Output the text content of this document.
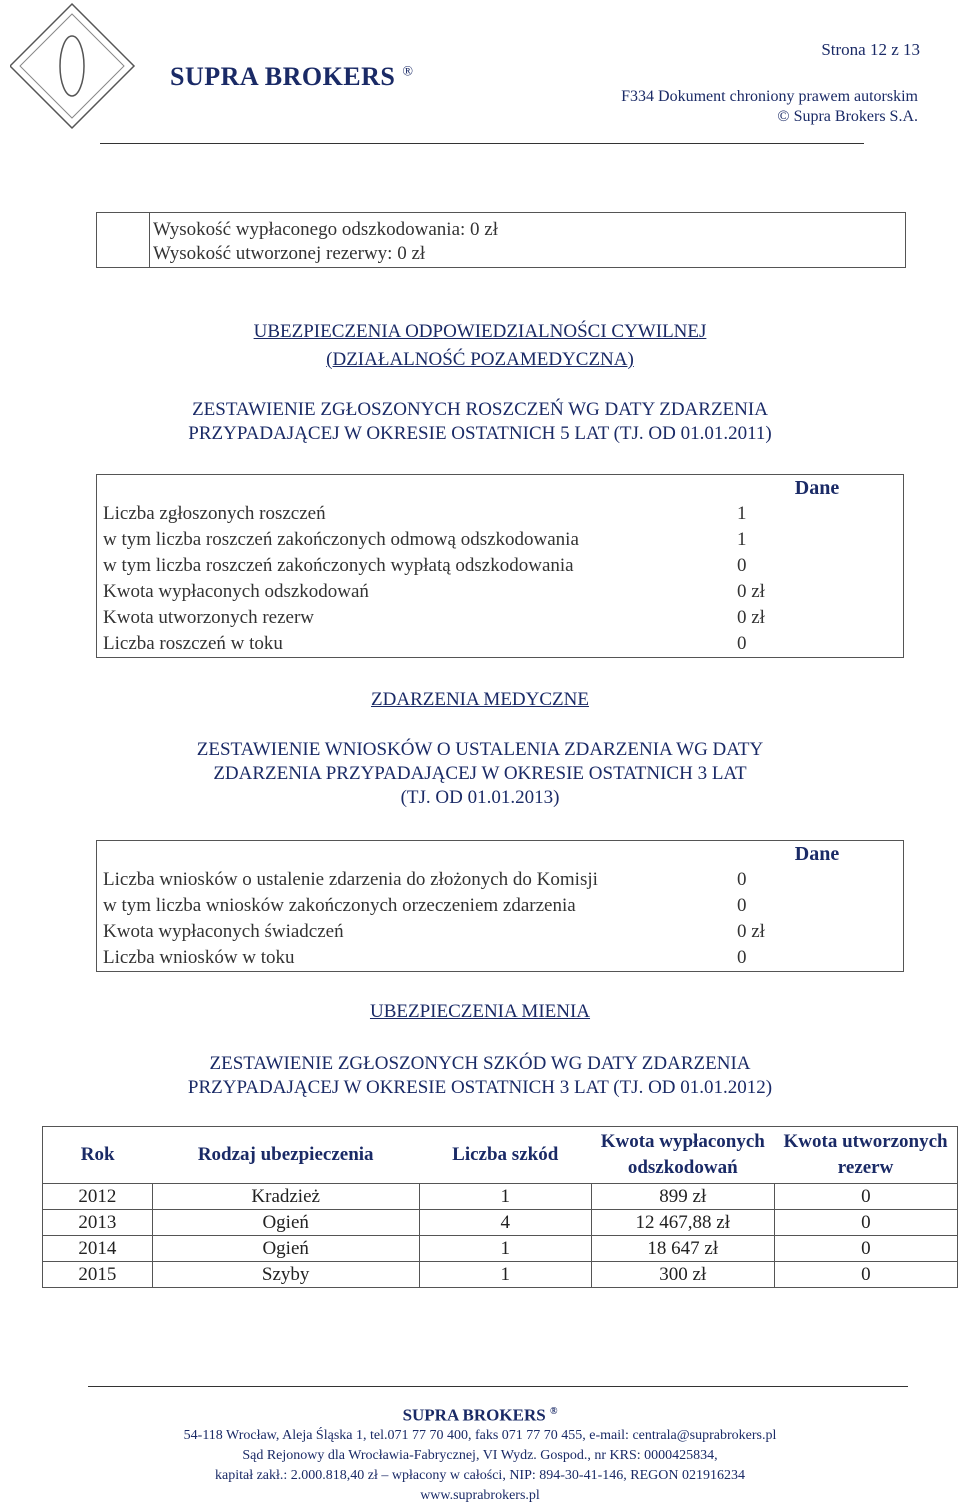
SUPRA BROKERS ®
Strona 12 z 13
F334 Dokument chroniony prawem autorskim
© Supra Brokers S.A.
Wysokość wypłaconego odszkodowania: 0 zł
Wysokość utworzonej rezerwy: 0 zł
UBEZPIECZENIA ODPOWIEDZIALNOŚCI CYWILNEJ
(DZIAŁALNOŚĆ POZAMEDYCZNA)
ZESTAWIENIE ZGŁOSZONYCH ROSZCZEŃ WG DATY ZDARZENIA
PRZYPADAJĄCEJ W OKRESIE OSTATNICH 5 LAT (TJ. OD 01.01.2011)
	Dane
Liczba zgłoszonych roszczeń	1
w tym liczba roszczeń zakończonych odmową odszkodowania	1
w tym liczba roszczeń zakończonych wypłatą odszkodowania	0
Kwota wypłaconych odszkodowań	0 zł
Kwota utworzonych rezerw	0 zł
Liczba roszczeń w toku	0
ZDARZENIA MEDYCZNE
ZESTAWIENIE WNIOSKÓW O USTALENIA ZDARZENIA WG DATY
ZDARZENIA PRZYPADAJĄCEJ W OKRESIE OSTATNICH 3 LAT
(TJ. OD 01.01.2013)
	Dane
Liczba wniosków o ustalenie zdarzenia do złożonych do Komisji	0
w tym liczba wniosków zakończonych orzeczeniem zdarzenia	0
Kwota wypłaconych świadczeń	0 zł
Liczba wniosków w toku	0
UBEZPIECZENIA MIENIA
ZESTAWIENIE ZGŁOSZONYCH SZKÓD WG DATY ZDARZENIA
PRZYPADAJĄCEJ W OKRESIE OSTATNICH 3 LAT (TJ. OD 01.01.2012)
Rok	Rodzaj ubezpieczenia	Liczba szkód	Kwota wypłaconych odszkodowań	Kwota utworzonych rezerw
2012	Kradzież	1	899 zł	0
2013	Ogień	4	12 467,88 zł	0
2014	Ogień	1	18 647 zł	0
2015	Szyby	1	300 zł	0
SUPRA BROKERS ®
54-118 Wrocław, Aleja Śląska 1, tel.071 77 70 400, faks 071 77 70 455, e-mail: centrala@suprabrokers.pl
Sąd Rejonowy dla Wrocławia-Fabrycznej, VI Wydz. Gospod., nr KRS: 0000425834,
kapitał zakł.: 2.000.818,40 zł – wpłacony w całości, NIP: 894-30-41-146, REGON 021916234
www.suprabrokers.pl
